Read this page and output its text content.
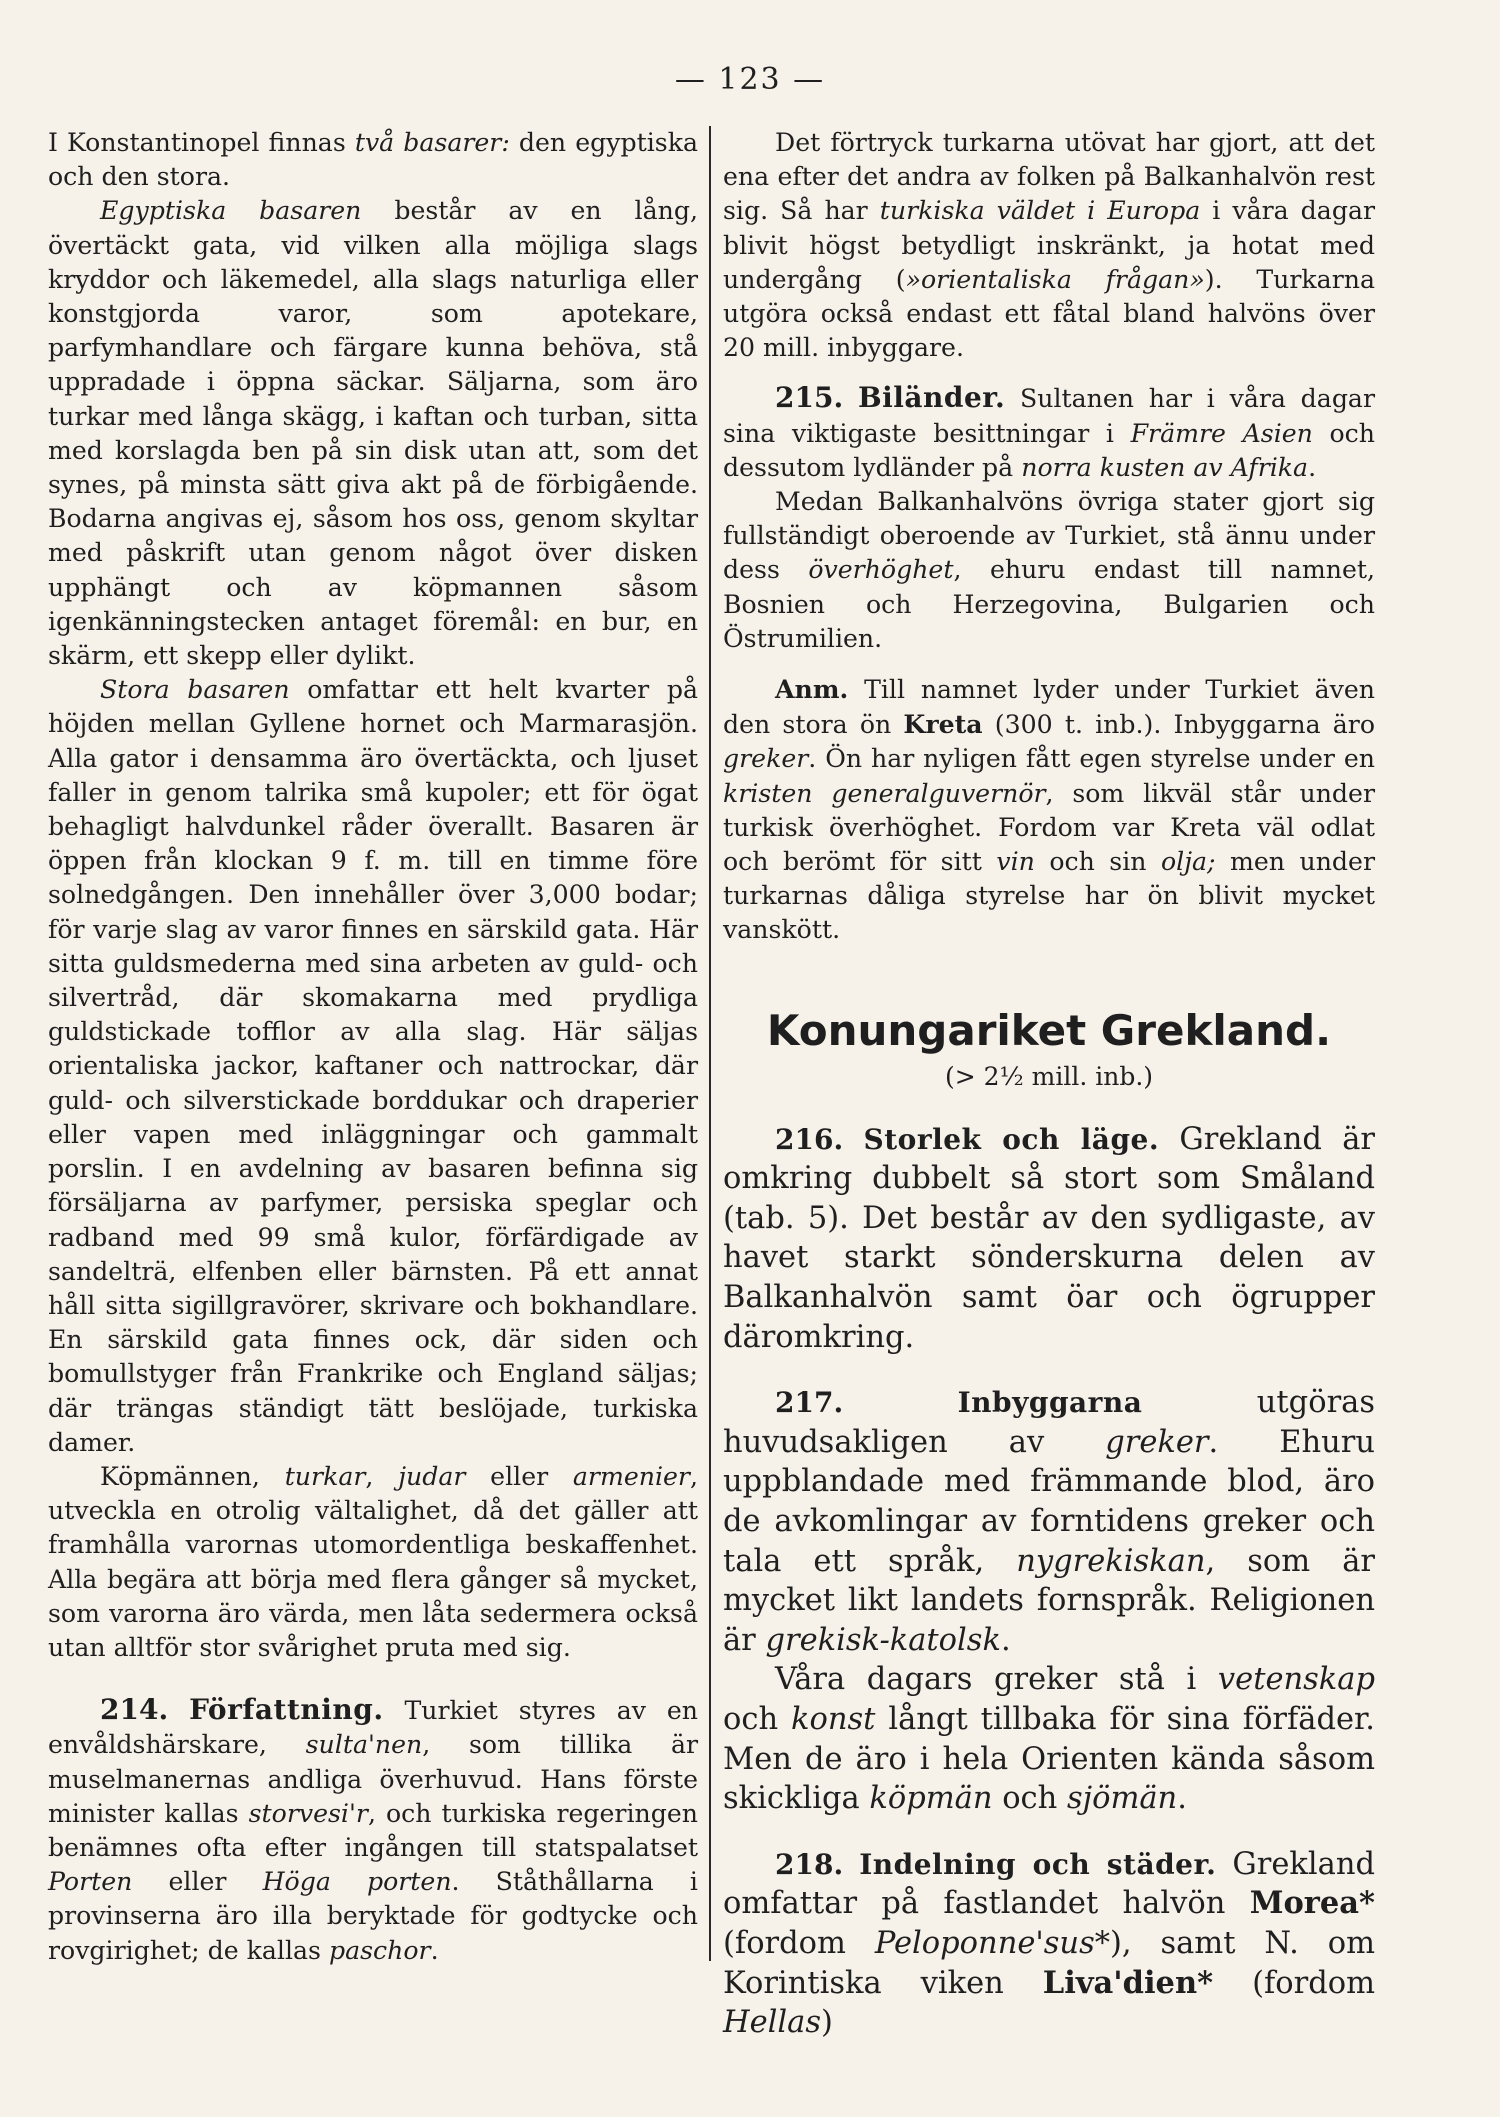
— 123 —

I Konstantinopel finnas två basarer: den egyptiska och den stora.

Egyptiska basaren består av en lång, övertäckt gata, vid vilken alla möjliga slags kryddor och läkemedel, alla slags naturliga eller konstgjorda varor, som apotekare, parfymhandlare och färgare kunna behöva, stå uppradade i öppna säckar. Säljarna, som äro turkar med långa skägg, i kaftan och turban, sitta med korslagda ben på sin disk utan att, som det synes, på minsta sätt giva akt på de förbigående. Bodarna angivas ej, såsom hos oss, genom skyltar med påskrift utan genom något över disken upphängt och av köpmannen såsom igenkänningstecken antaget föremål: en bur, en skärm, ett skepp eller dylikt.

Stora basaren omfattar ett helt kvarter på höjden mellan Gyllene hornet och Marmarasjön. Alla gator i densamma äro övertäckta, och ljuset faller in genom talrika små kupoler; ett för ögat behagligt halvdunkel råder överallt. Basaren är öppen från klockan 9 f. m. till en timme före solnedgången. Den innehåller över 3,000 bodar; för varje slag av varor finnes en särskild gata. Här sitta guldsmederna med sina arbeten av guld- och silvertråd, där skomakarna med prydliga guldstickade tofflor av alla slag. Här säljas orientaliska jackor, kaftaner och nattrockar, där guld- och silverstickade borddukar och draperier eller vapen med inläggningar och gammalt porslin. I en avdelning av basaren befinna sig försäljarna av parfymer, persiska speglar och radband med 99 små kulor, förfärdigade av sandelträ, elfenben eller bärnsten. På ett annat håll sitta sigillgravörer, skrivare och bokhandlare. En särskild gata finnes ock, där siden och bomullstyger från Frankrike och England säljas; där trängas ständigt tätt beslöjade, turkiska damer.

Köpmännen, turkar, judar eller armenier, utveckla en otrolig vältalighet, då det gäller att framhålla varornas utomordentliga beskaffenhet. Alla begära att börja med flera gånger så mycket, som varorna äro värda, men låta sedermera också utan alltför stor svårighet pruta med sig.

214. Författning. Turkiet styres av en envåldshärskare, sulta'nen, som tillika är muselmanernas andliga överhuvud. Hans förste minister kallas storvesi'r, och turkiska regeringen benämnes ofta efter ingången till statspalatset Porten eller Höga porten. Ståthållarna i provinserna äro illa beryktade för godtycke och rovgirighet; de kallas paschor.

Det förtryck turkarna utövat har gjort, att det ena efter det andra av folken på Balkanhalvön rest sig. Så har turkiska väldet i Europa i våra dagar blivit högst betydligt inskränkt, ja hotat med undergång (»orientaliska frågan»). Turkarna utgöra också endast ett fåtal bland halvöns över 20 mill. inbyggare.

215. Biländer. Sultanen har i våra dagar sina viktigaste besittningar i Främre Asien och dessutom lydländer på norra kusten av Afrika.

Medan Balkanhalvöns övriga stater gjort sig fullständigt oberoende av Turkiet, stå ännu under dess överhöghet, ehuru endast till namnet, Bosnien och Herzegovina, Bulgarien och Östrumilien.

Anm. Till namnet lyder under Turkiet även den stora ön Kreta (300 t. inb.). Inbyggarna äro greker. Ön har nyligen fått egen styrelse under en kristen generalguvernör, som likväl står under turkisk överhöghet. Fordom var Kreta väl odlat och berömt för sitt vin och sin olja; men under turkarnas dåliga styrelse har ön blivit mycket vanskött.

Konungariket Grekland.
(> 2½ mill. inb.)

216. Storlek och läge. Grekland är omkring dubbelt så stort som Småland (tab. 5). Det består av den sydligaste, av havet starkt sönderskurna delen av Balkanhalvön samt öar och ögrupper däromkring.

217.	Inbyggarna utgöras huvudsakligen av greker. Ehuru uppblandade med främmande blod, äro de avkomlingar av forntidens greker och tala ett språk, nygrekiskan, som är mycket likt landets fornspråk. Religionen är grekisk-katolsk.

Våra dagars greker stå i vetenskap och konst långt tillbaka för sina förfäder. Men de äro i hela Orienten kända såsom skickliga köpmän och sjömän.

218. Indelning och städer. Grekland omfattar på fastlandet halvön Morea* (fordom Peloponne'sus*), samt N. om Korintiska viken Liva'dien* (fordom Hellas)
